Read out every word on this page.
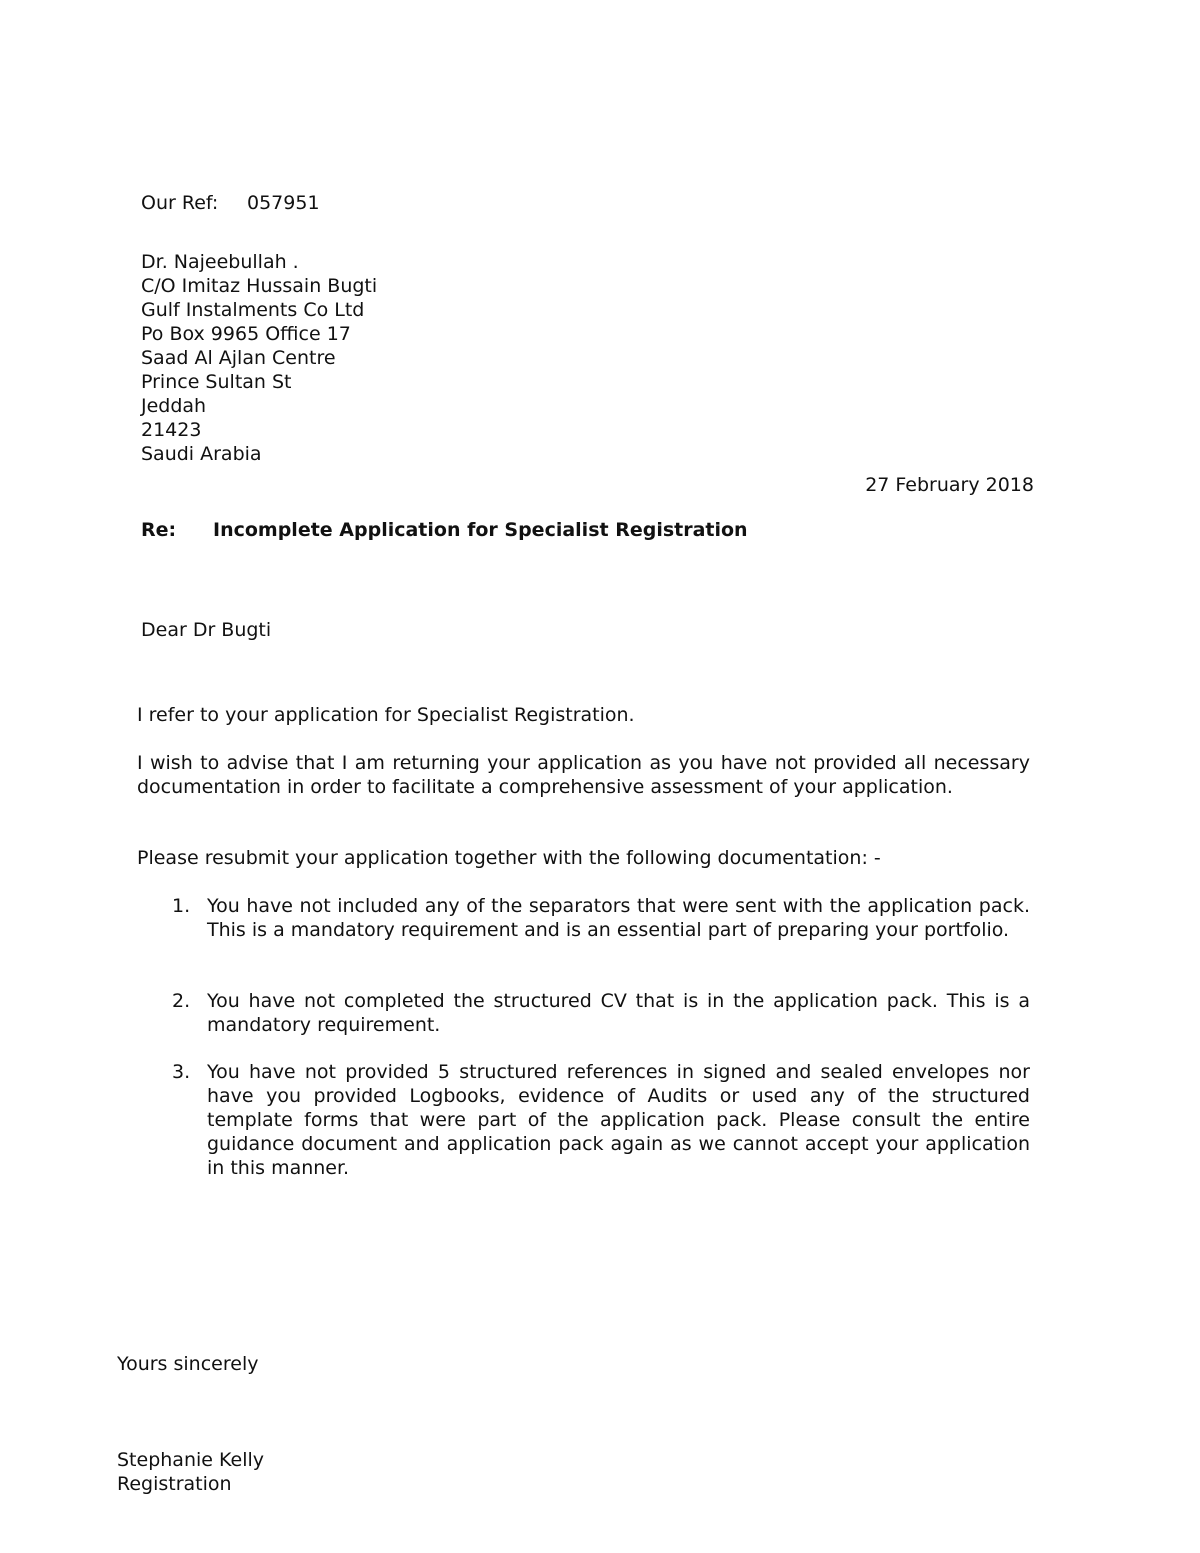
Our Ref: 057951
Dr. Najeebullah .
C/O Imitaz Hussain Bugti
Gulf Instalments Co Ltd
Po Box 9965 Office 17
Saad Al Ajlan Centre
Prince Sultan St
Jeddah
21423
Saudi Arabia
27 February 2018
Re: Incomplete Application for Specialist Registration
Dear Dr Bugti
I refer to your application for Specialist Registration.
I wish to advise that I am returning your application as you have not provided all necessary documentation in order to facilitate a comprehensive assessment of your application.
Please resubmit your application together with the following documentation: -
1. You have not included any of the separators that were sent with the application pack. This is a mandatory requirement and is an essential part of preparing your portfolio.
2. You have not completed the structured CV that is in the application pack. This is a mandatory requirement.
3. You have not provided 5 structured references in signed and sealed envelopes nor have you provided Logbooks, evidence of Audits or used any of the structured template forms that were part of the application pack. Please consult the entire guidance document and application pack again as we cannot accept your application in this manner.
Yours sincerely
Stephanie Kelly
Registration
